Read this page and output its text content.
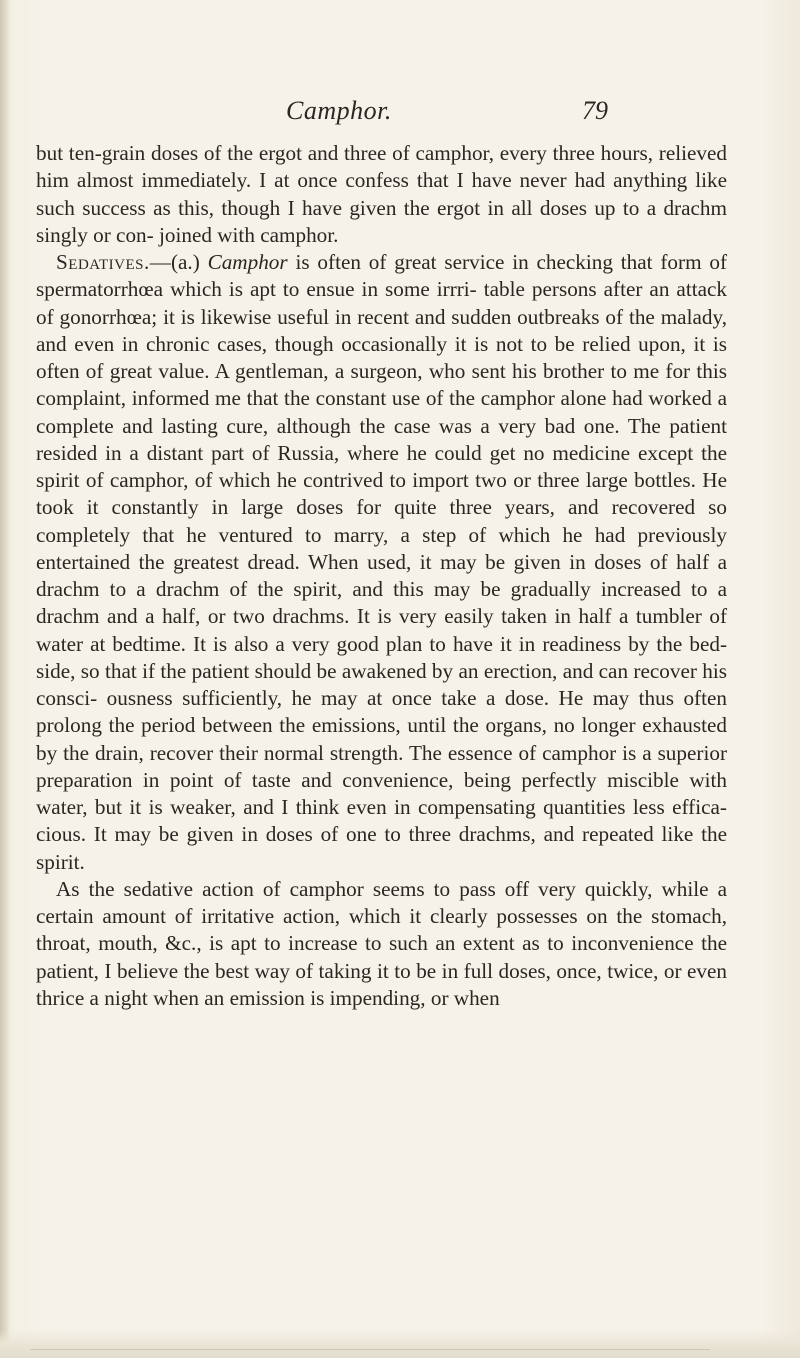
Camphor.	79

but ten-grain doses of the ergot and three of camphor, every three hours, relieved him almost immediately. I at once confess that I have never had anything like such success as this, though I have given the ergot in all doses up to a drachm singly or con- joined with camphor.

Sedatives.—(a.) Camphor is often of great service in checking that form of spermatorrhœa which is apt to ensue in some irrri- table persons after an attack of gonorrhœa; it is likewise useful in recent and sudden outbreaks of the malady, and even in chronic cases, though occasionally it is not to be relied upon, it is often of great value. A gentleman, a surgeon, who sent his brother to me for this complaint, informed me that the constant use of the camphor alone had worked a complete and lasting cure, although the case was a very bad one. The patient resided in a distant part of Russia, where he could get no medicine except the spirit of camphor, of which he contrived to import two or three large bottles. He took it constantly in large doses for quite three years, and recovered so completely that he ventured to marry, a step of which he had previously entertained the greatest dread. When used, it may be given in doses of half a drachm to a drachm of the spirit, and this may be gradually increased to a drachm and a half, or two drachms. It is very easily taken in half a tumbler of water at bedtime. It is also a very good plan to have it in readiness by the bed-side, so that if the patient should be awakened by an erection, and can recover his consci- ousness sufficiently, he may at once take a dose. He may thus often prolong the period between the emissions, until the organs, no longer exhausted by the drain, recover their normal strength. The essence of camphor is a superior preparation in point of taste and convenience, being perfectly miscible with water, but it is weaker, and I think even in compensating quantities less effica- cious. It may be given in doses of one to three drachms, and repeated like the spirit.

As the sedative action of camphor seems to pass off very quickly, while a certain amount of irritative action, which it clearly possesses on the stomach, throat, mouth, &c., is apt to increase to such an extent as to inconvenience the patient, I believe the best way of taking it to be in full doses, once, twice, or even thrice a night when an emission is impending, or when
